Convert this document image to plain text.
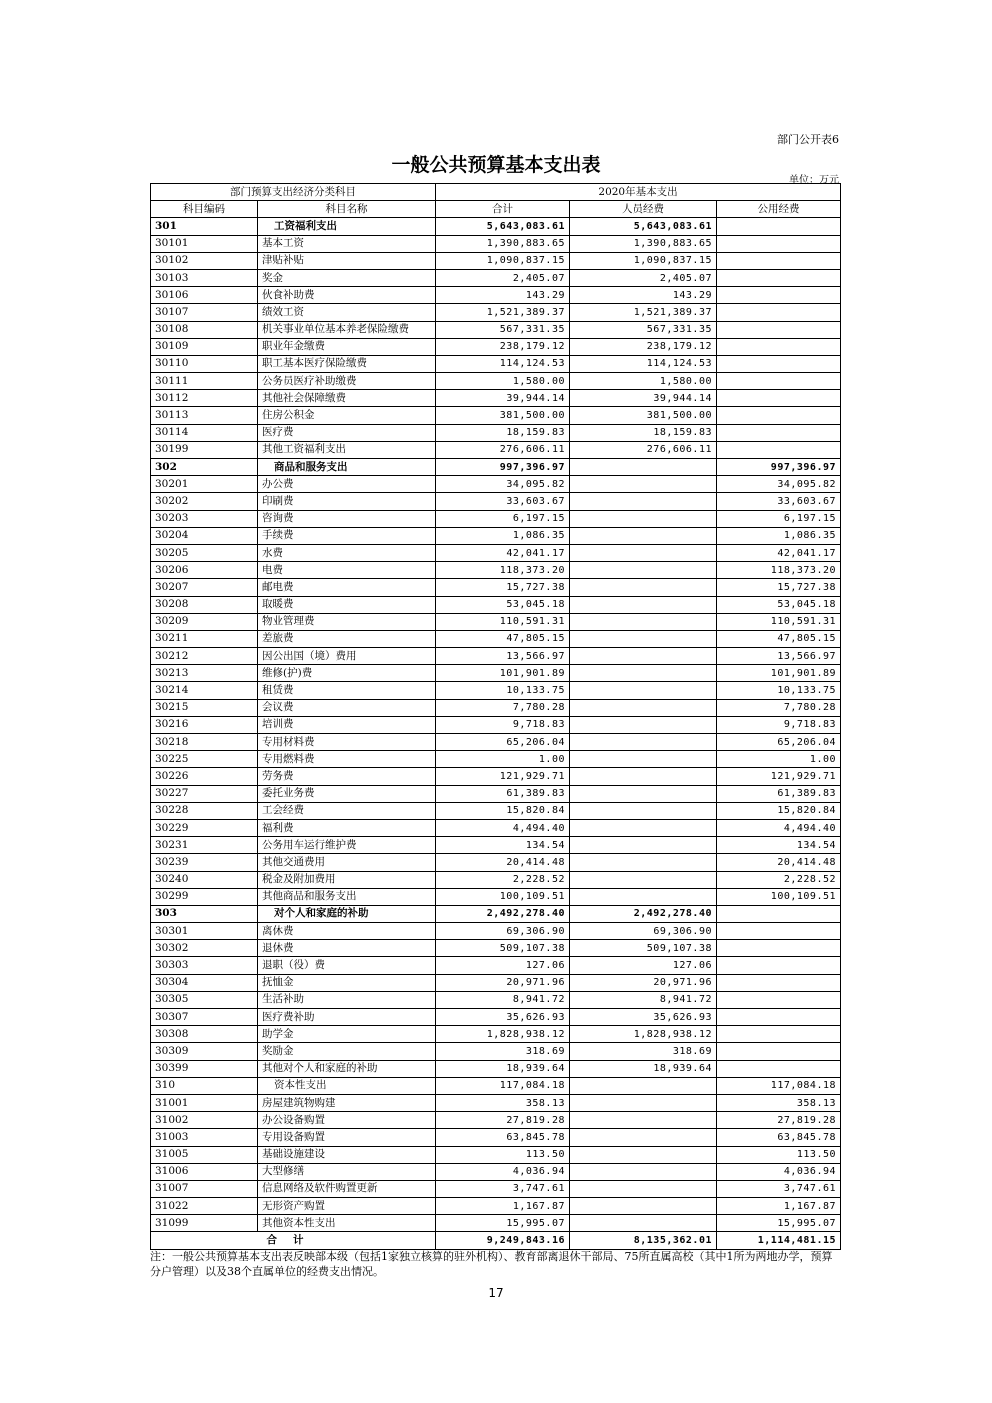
部门公开表6
一般公共预算基本支出表
单位：万元
部门预算支出经济分类科目		2020年基本支出		
科目编码	科目名称	合计	人员经费	公用经费
301	工资福利支出	5,643,083.61	5,643,083.61	
30101	基本工资	1,390,883.65	1,390,883.65	
30102	津贴补贴	1,090,837.15	1,090,837.15	
30103	奖金	2,405.07	2,405.07	
30106	伙食补助费	143.29	143.29	
30107	绩效工资	1,521,389.37	1,521,389.37	
30108	机关事业单位基本养老保险缴费	567,331.35	567,331.35	
30109	职业年金缴费	238,179.12	238,179.12	
30110	职工基本医疗保险缴费	114,124.53	114,124.53	
30111	公务员医疗补助缴费	1,580.00	1,580.00	
30112	其他社会保障缴费	39,944.14	39,944.14	
30113	住房公积金	381,500.00	381,500.00	
30114	医疗费	18,159.83	18,159.83	
30199	其他工资福利支出	276,606.11	276,606.11	
302	商品和服务支出	997,396.97		997,396.97
30201	办公费	34,095.82		34,095.82
30202	印刷费	33,603.67		33,603.67
30203	咨询费	6,197.15		6,197.15
30204	手续费	1,086.35		1,086.35
30205	水费	42,041.17		42,041.17
30206	电费	118,373.20		118,373.20
30207	邮电费	15,727.38		15,727.38
30208	取暖费	53,045.18		53,045.18
30209	物业管理费	110,591.31		110,591.31
30211	差旅费	47,805.15		47,805.15
30212	因公出国（境）费用	13,566.97		13,566.97
30213	维修(护)费	101,901.89		101,901.89
30214	租赁费	10,133.75		10,133.75
30215	会议费	7,780.28		7,780.28
30216	培训费	9,718.83		9,718.83
30218	专用材料费	65,206.04		65,206.04
30225	专用燃料费	1.00		1.00
30226	劳务费	121,929.71		121,929.71
30227	委托业务费	61,389.83		61,389.83
30228	工会经费	15,820.84		15,820.84
30229	福利费	4,494.40		4,494.40
30231	公务用车运行维护费	134.54		134.54
30239	其他交通费用	20,414.48		20,414.48
30240	税金及附加费用	2,228.52		2,228.52
30299	其他商品和服务支出	100,109.51		100,109.51
303	对个人和家庭的补助	2,492,278.40	2,492,278.40	
30301	离休费	69,306.90	69,306.90	
30302	退休费	509,107.38	509,107.38	
30303	退职（役）费	127.06	127.06	
30304	抚恤金	20,971.96	20,971.96	
30305	生活补助	8,941.72	8,941.72	
30307	医疗费补助	35,626.93	35,626.93	
30308	助学金	1,828,938.12	1,828,938.12	
30309	奖励金	318.69	318.69	
30399	其他对个人和家庭的补助	18,939.64	18,939.64	
310	资本性支出	117,084.18		117,084.18
31001	房屋建筑物购建	358.13		358.13
31002	办公设备购置	27,819.28		27,819.28
31003	专用设备购置	63,845.78		63,845.78
31005	基础设施建设	113.50		113.50
31006	大型修缮	4,036.94		4,036.94
31007	信息网络及软件购置更新	3,747.61		3,747.61
31022	无形资产购置	1,167.87		1,167.87
31099	其他资本性支出	15,995.07		15,995.07
合计		9,249,843.16	8,135,362.01	1,114,481.15
注：一般公共预算基本支出表反映部本级（包括1家独立核算的驻外机构）、教育部离退休干部局、75所直属高校（其中1所为两地办学，预算分户管理）以及38个直属单位的经费支出情况。
17
